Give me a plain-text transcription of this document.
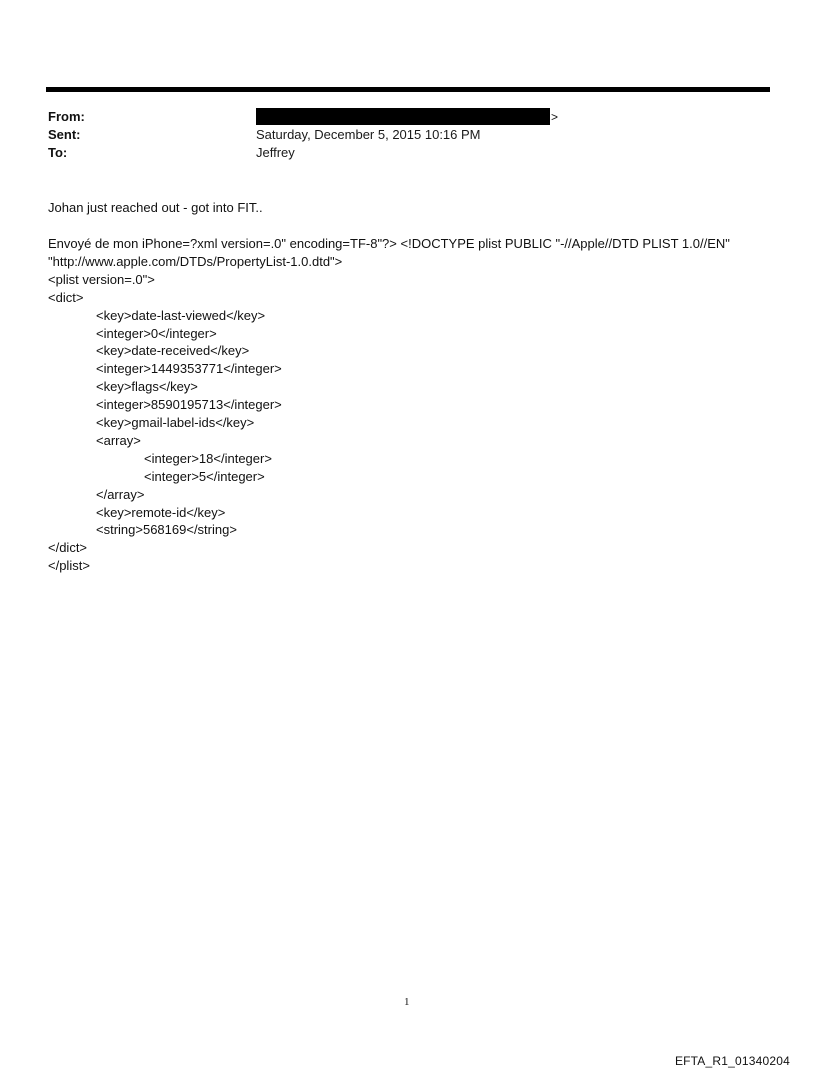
From:	>
Sent:	Saturday, December 5, 2015 10:16 PM
To:	Jeffrey
Johan just reached out - got into FIT..
Envoyé de mon iPhone=?xml version=.0" encoding=TF-8"?> <!DOCTYPE plist PUBLIC "-//Apple//DTD PLIST 1.0//EN"
"http://www.apple.com/DTDs/PropertyList-1.0.dtd">
<plist version=.0">
<dict>
<key>date-last-viewed</key>
<integer>0</integer>
<key>date-received</key>
<integer>1449353771</integer>
<key>flags</key>
<integer>8590195713</integer>
<key>gmail-label-ids</key>
<array>
<integer>18</integer>
<integer>5</integer>
</array>
<key>remote-id</key>
<string>568169</string>
</dict>
</plist>
1
EFTA_R1_01340204
